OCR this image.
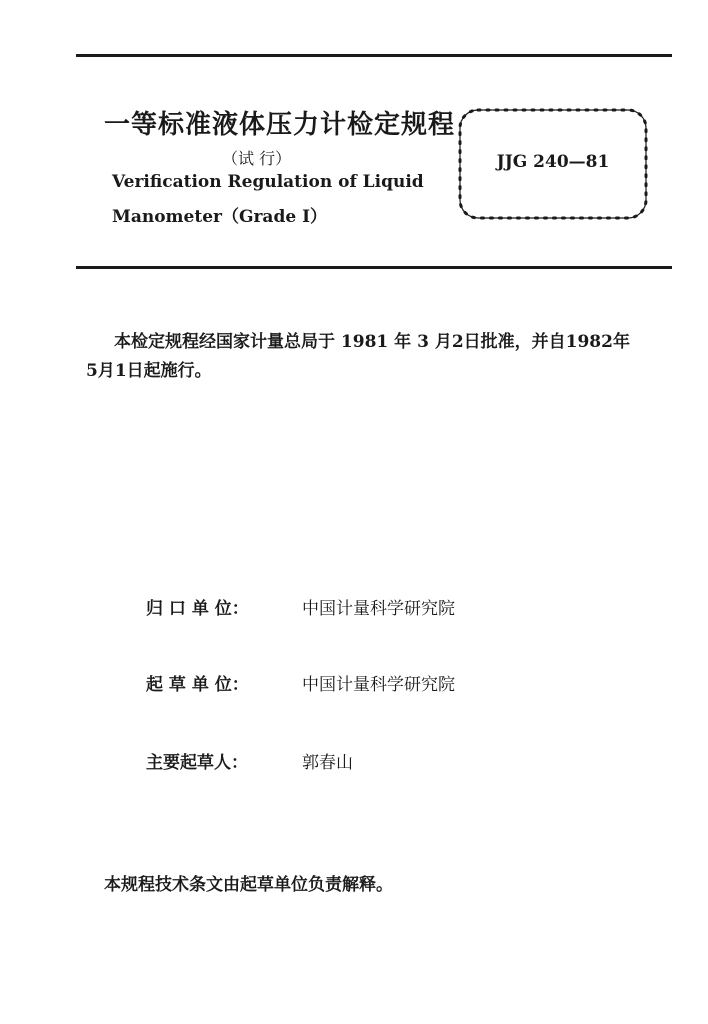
一等标准液体压力计检定规程
（试 行）
Verification Regulation of Liquid
Manometer（Grade Ⅰ）
JJG 240—81

本检定规程经国家计量总局于 1981 年 3 月2日批准，并自1982年

5月1日起施行。

归 口 单 位：	中国计量科学研究院
起 草 单 位：	中国计量科学研究院
主要起草人：	郭春山
本规程技术条文由起草单位负责解释。
